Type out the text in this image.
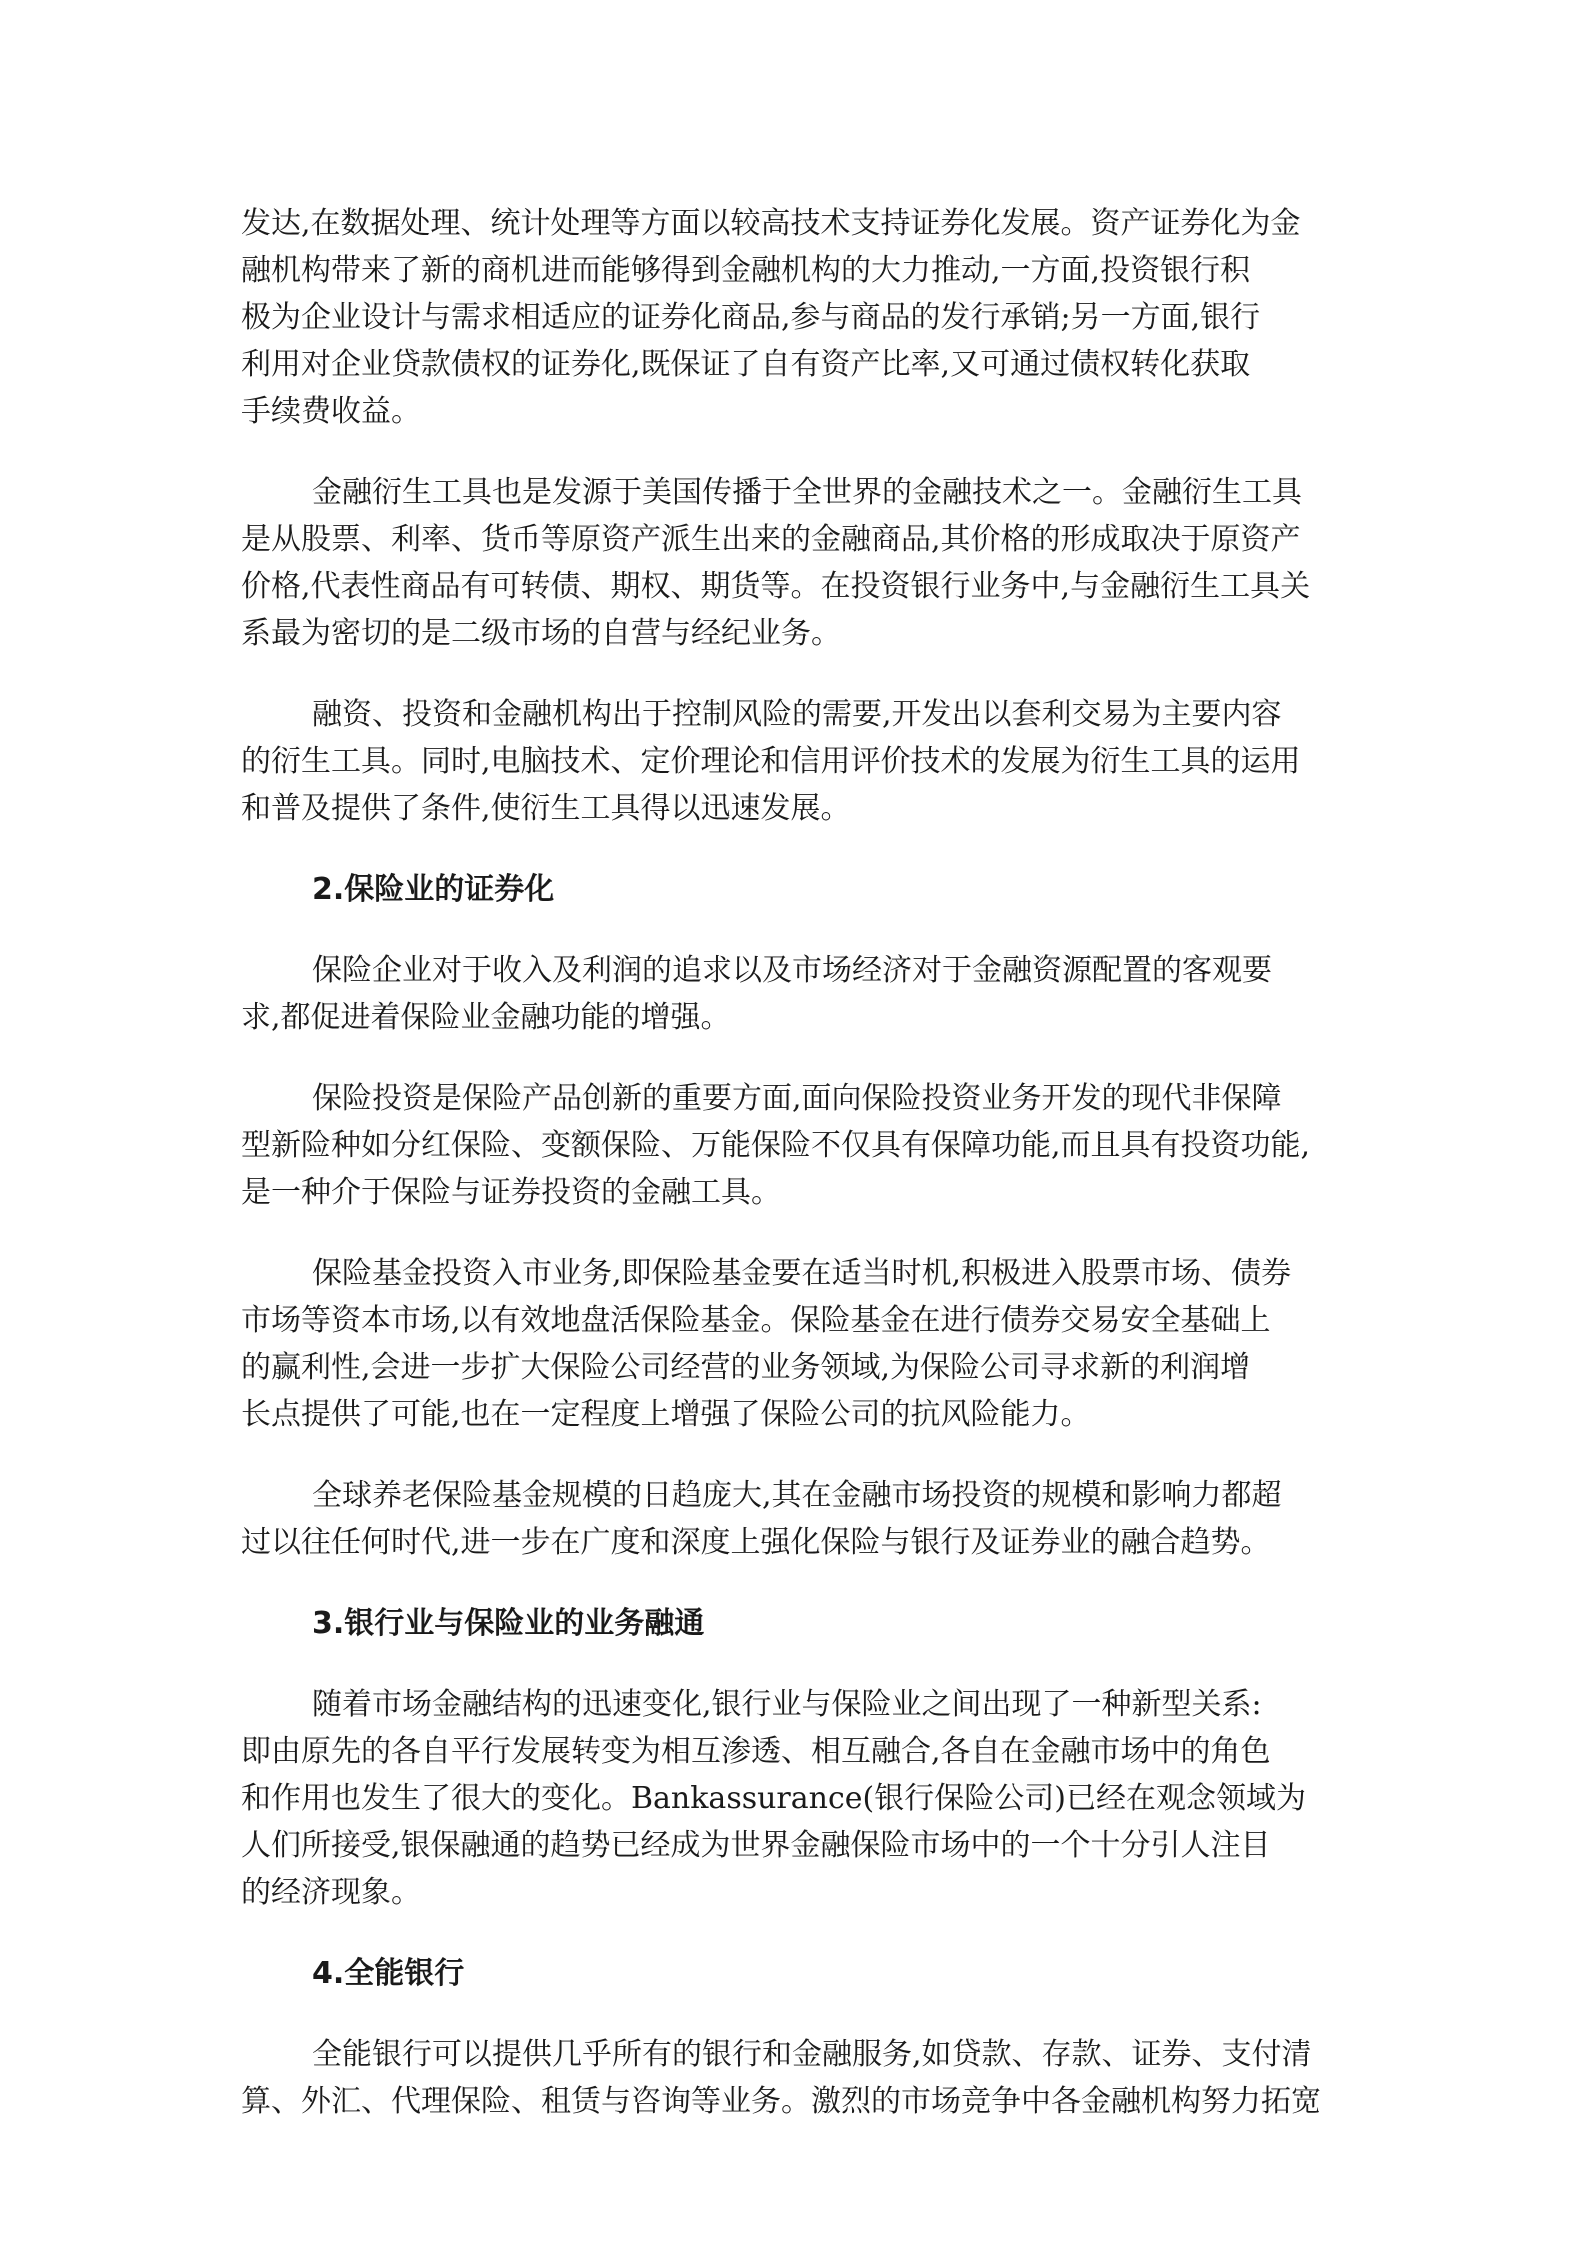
发达,在数据处理、统计处理等方面以较高技术支持证券化发展。资产证券化为金
融机构带来了新的商机进而能够得到金融机构的大力推动,一方面,投资银行积
极为企业设计与需求相适应的证券化商品,参与商品的发行承销;另一方面,银行
利用对企业贷款债权的证券化,既保证了自有资产比率,又可通过债权转化获取
手续费收益。

金融衍生工具也是发源于美国传播于全世界的金融技术之一。金融衍生工具
是从股票、利率、货币等原资产派生出来的金融商品,其价格的形成取决于原资产
价格,代表性商品有可转债、期权、期货等。在投资银行业务中,与金融衍生工具关
系最为密切的是二级市场的自营与经纪业务。

融资、投资和金融机构出于控制风险的需要,开发出以套利交易为主要内容
的衍生工具。同时,电脑技术、定价理论和信用评价技术的发展为衍生工具的运用
和普及提供了条件,使衍生工具得以迅速发展。

2.保险业的证券化

保险企业对于收入及利润的追求以及市场经济对于金融资源配置的客观要
求,都促进着保险业金融功能的增强。

保险投资是保险产品创新的重要方面,面向保险投资业务开发的现代非保障
型新险种如分红保险、变额保险、万能保险不仅具有保障功能,而且具有投资功能,
是一种介于保险与证券投资的金融工具。

保险基金投资入市业务,即保险基金要在适当时机,积极进入股票市场、债券
市场等资本市场,以有效地盘活保险基金。保险基金在进行债券交易安全基础上
的赢利性,会进一步扩大保险公司经营的业务领域,为保险公司寻求新的利润增
长点提供了可能,也在一定程度上增强了保险公司的抗风险能力。

全球养老保险基金规模的日趋庞大,其在金融市场投资的规模和影响力都超
过以往任何时代,进一步在广度和深度上强化保险与银行及证券业的融合趋势。

3.银行业与保险业的业务融通

随着市场金融结构的迅速变化,银行业与保险业之间出现了一种新型关系:
即由原先的各自平行发展转变为相互渗透、相互融合,各自在金融市场中的角色
和作用也发生了很大的变化。Bankassurance(银行保险公司)已经在观念领域为
人们所接受,银保融通的趋势已经成为世界金融保险市场中的一个十分引人注目
的经济现象。

4.全能银行

全能银行可以提供几乎所有的银行和金融服务,如贷款、存款、证券、支付清
算、外汇、代理保险、租赁与咨询等业务。激烈的市场竞争中各金融机构努力拓宽
